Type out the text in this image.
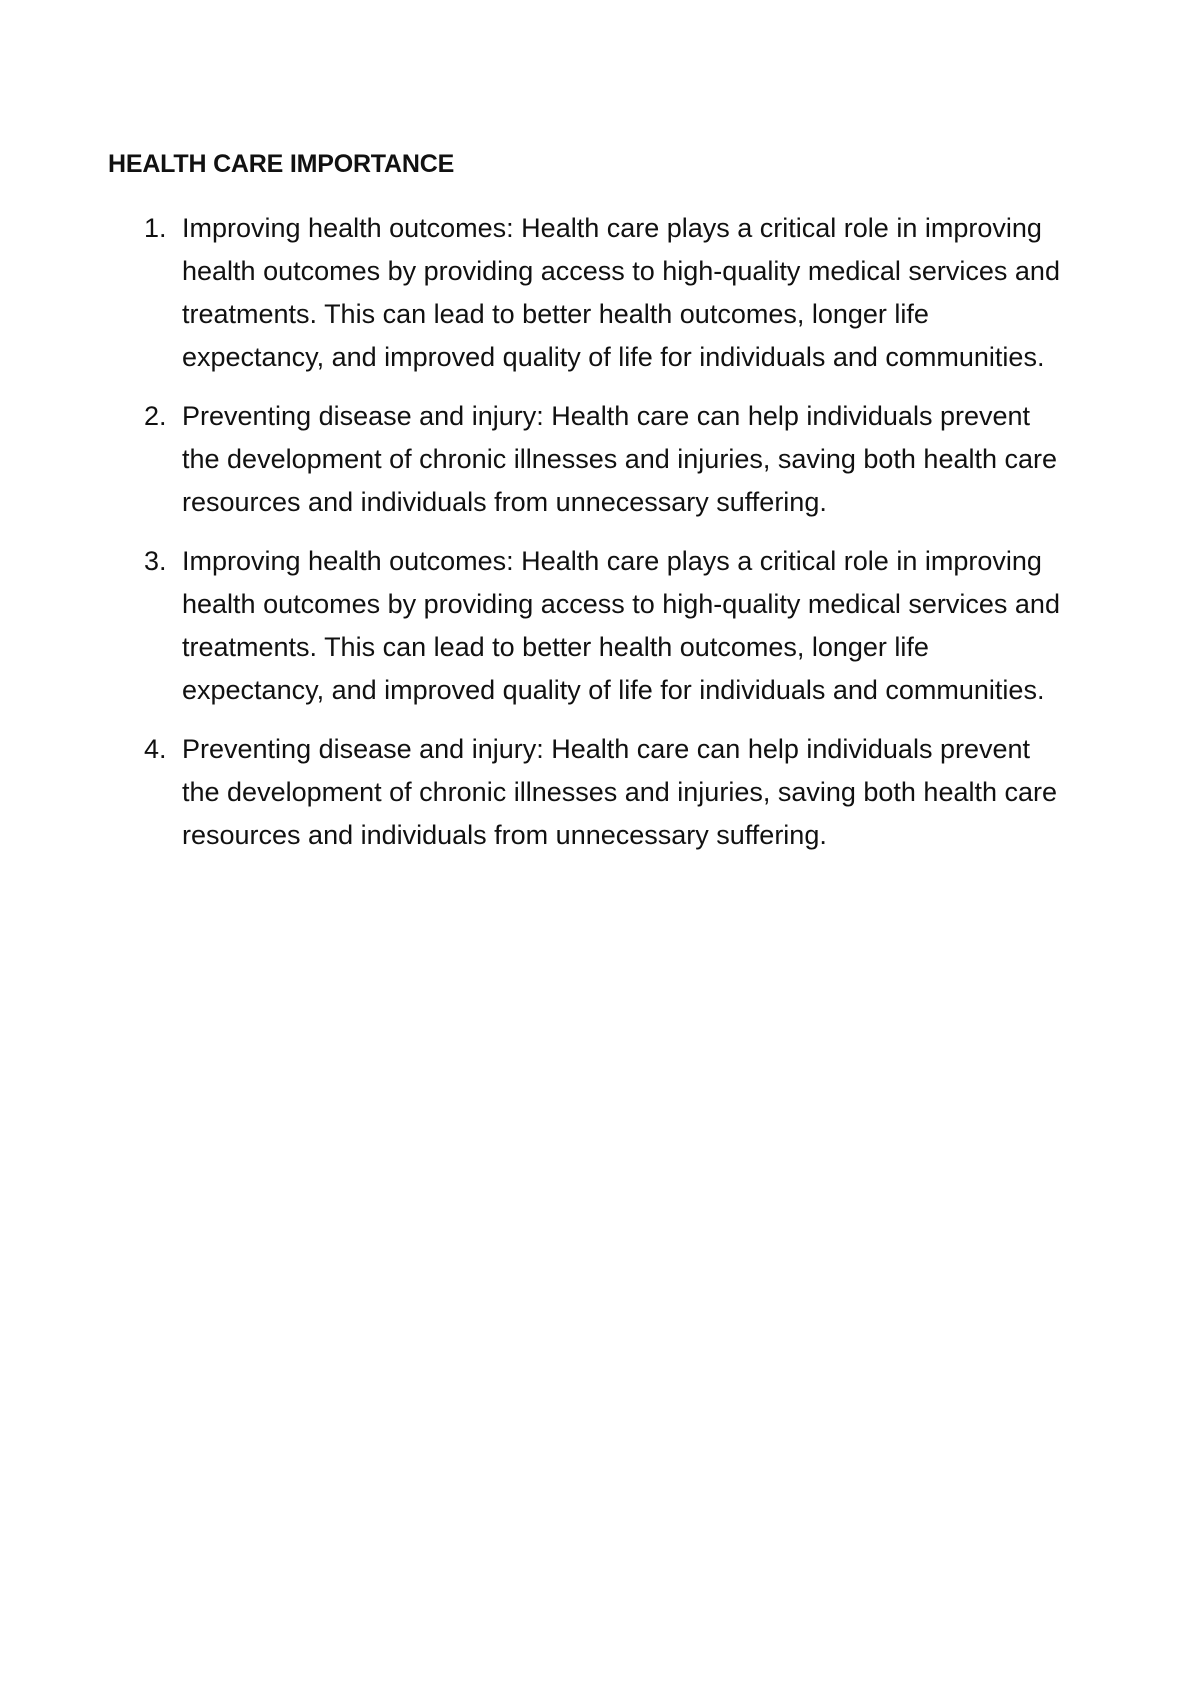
HEALTH CARE IMPORTANCE
1. Improving health outcomes: Health care plays a critical role in improving health outcomes by providing access to high-quality medical services and treatments. This can lead to better health outcomes, longer life expectancy, and improved quality of life for individuals and communities.
2. Preventing disease and injury: Health care can help individuals prevent the development of chronic illnesses and injuries, saving both health care resources and individuals from unnecessary suffering.
3. Improving health outcomes: Health care plays a critical role in improving health outcomes by providing access to high-quality medical services and treatments. This can lead to better health outcomes, longer life expectancy, and improved quality of life for individuals and communities.
4. Preventing disease and injury: Health care can help individuals prevent the development of chronic illnesses and injuries, saving both health care resources and individuals from unnecessary suffering.
